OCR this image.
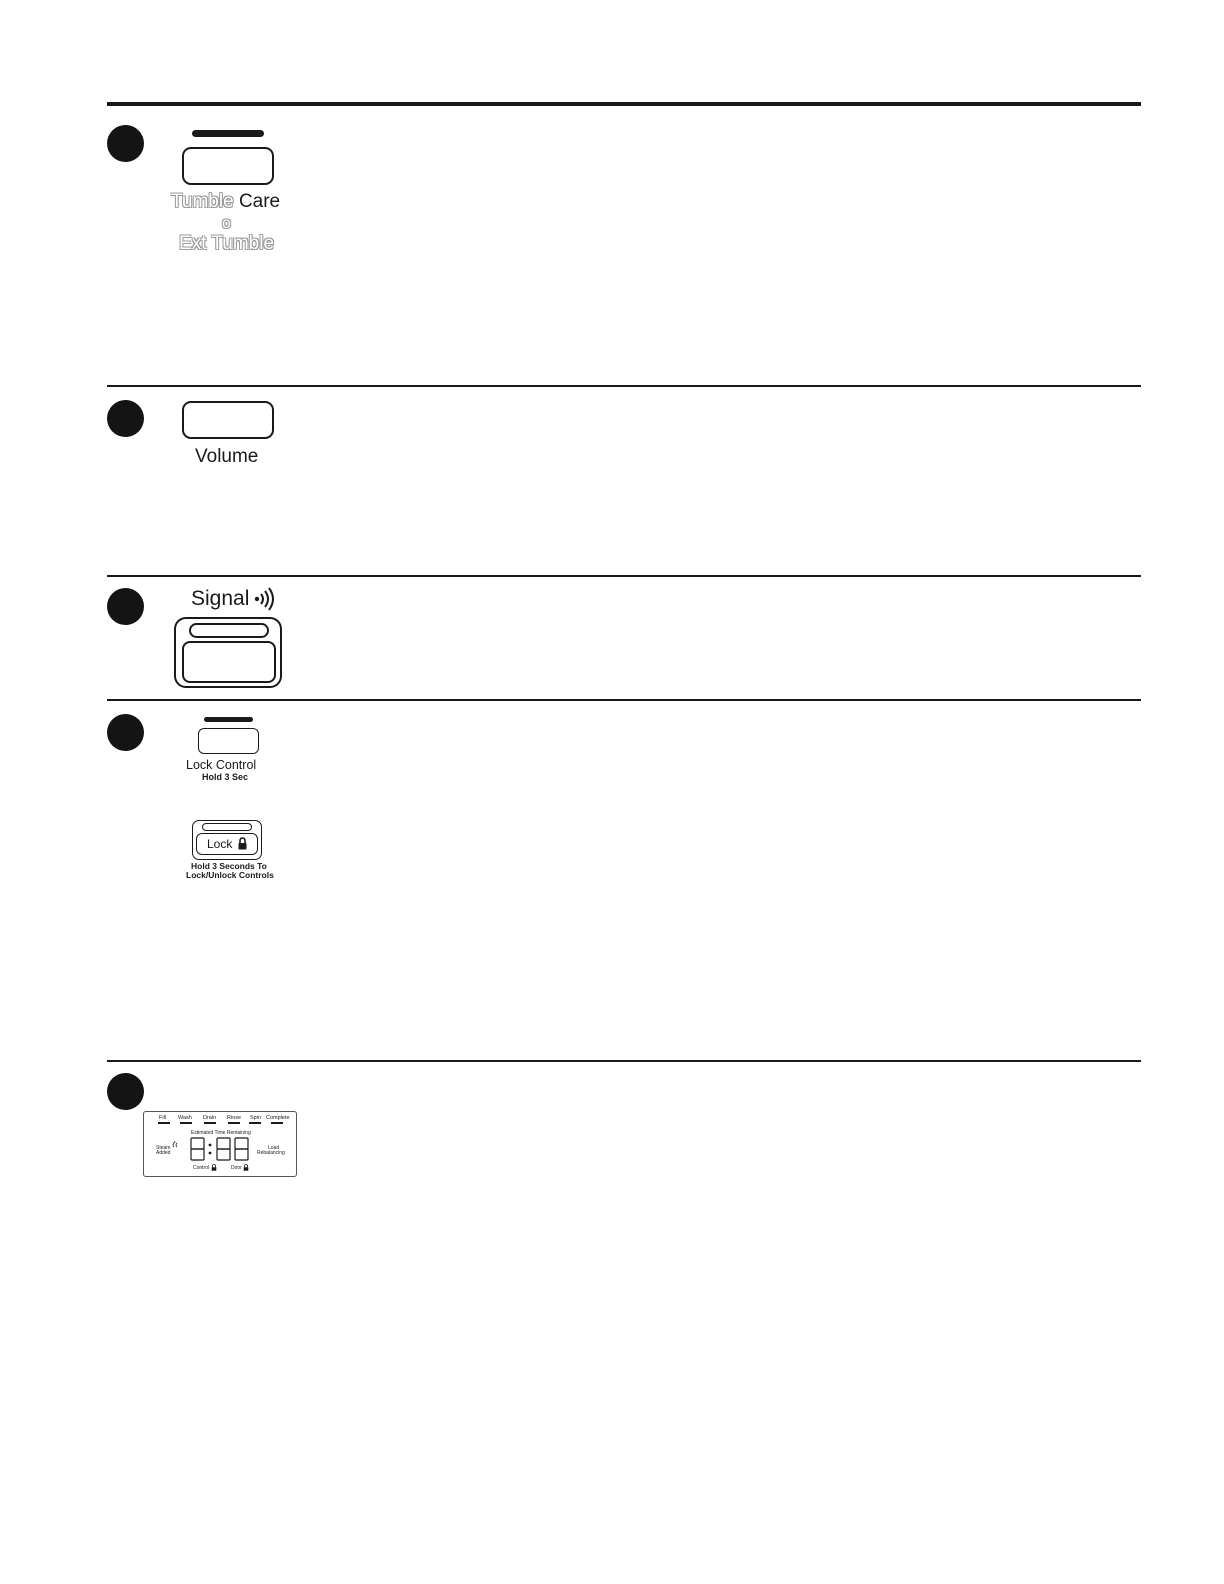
Tumble Care
o
Ext Tumble
Volume
Signal
Lock Control
Hold 3 Sec
Lock
Hold 3 Seconds To
Lock/Unlock Controls
Fill Wash Drain Rinse Spin Complete
Estimated Time Remaining
Steam
Added
Load
Rebalancing
Control	Door
